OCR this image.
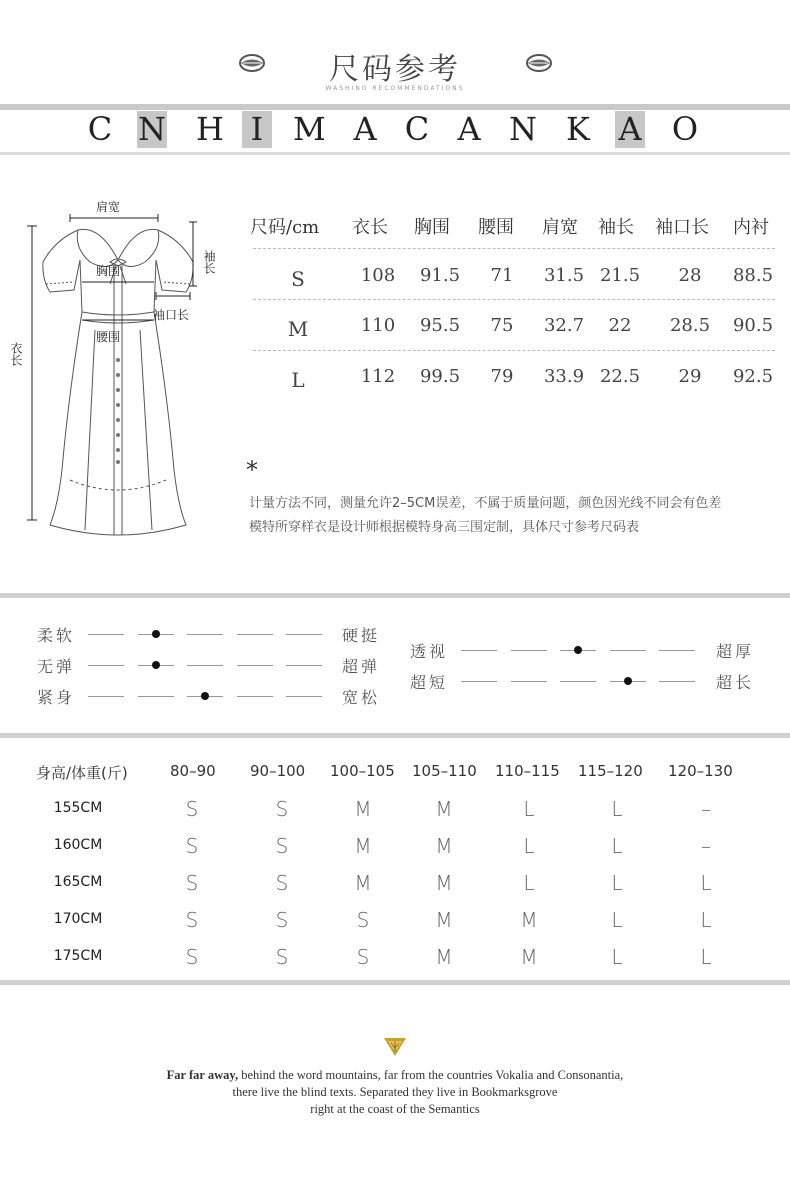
尺码参考
WASHING RECOMMENDATIONS
C N H I M A C A N K A O
肩宽
袖长
胸围
袖口长
腰围
衣长
尺码/cm 衣长 胸围 腰围 肩宽 袖长 袖口长 内衬
S	108 91.5	71	31.5 21.5	28	88.5
M	110 95.5	75	32.7	22	28.5 90.5
L	112 99.5	79	33.9 22.5	29	92.5
*
计量方法不同，测量允许2–5CM误差，不属于质量问题，颜色因光线不同会有色差
模特所穿样衣是设计师根据模特身高三围定制，具体尺寸参考尺码表
柔软	硬挺
无弹	超弹
紧身	宽松
透视	超厚
超短	超长
身高/体重(斤)	80–90 90–100 100–105 105–110 110–115 115–120 120–130
155CM	S	S	M	M	L	L	–
160CM	S	S	M	M	L	L	–
165CM	S	S	M	M	L	L	L
170CM	S	S	S	M	M	L	L
175CM	S	S	S	M	M	L	L
Far far away, behind the word mountains, far from the countries Vokalia and Consonantia,
there live the blind texts. Separated they live in Bookmarksgrove
right at the coast of the Semantics
